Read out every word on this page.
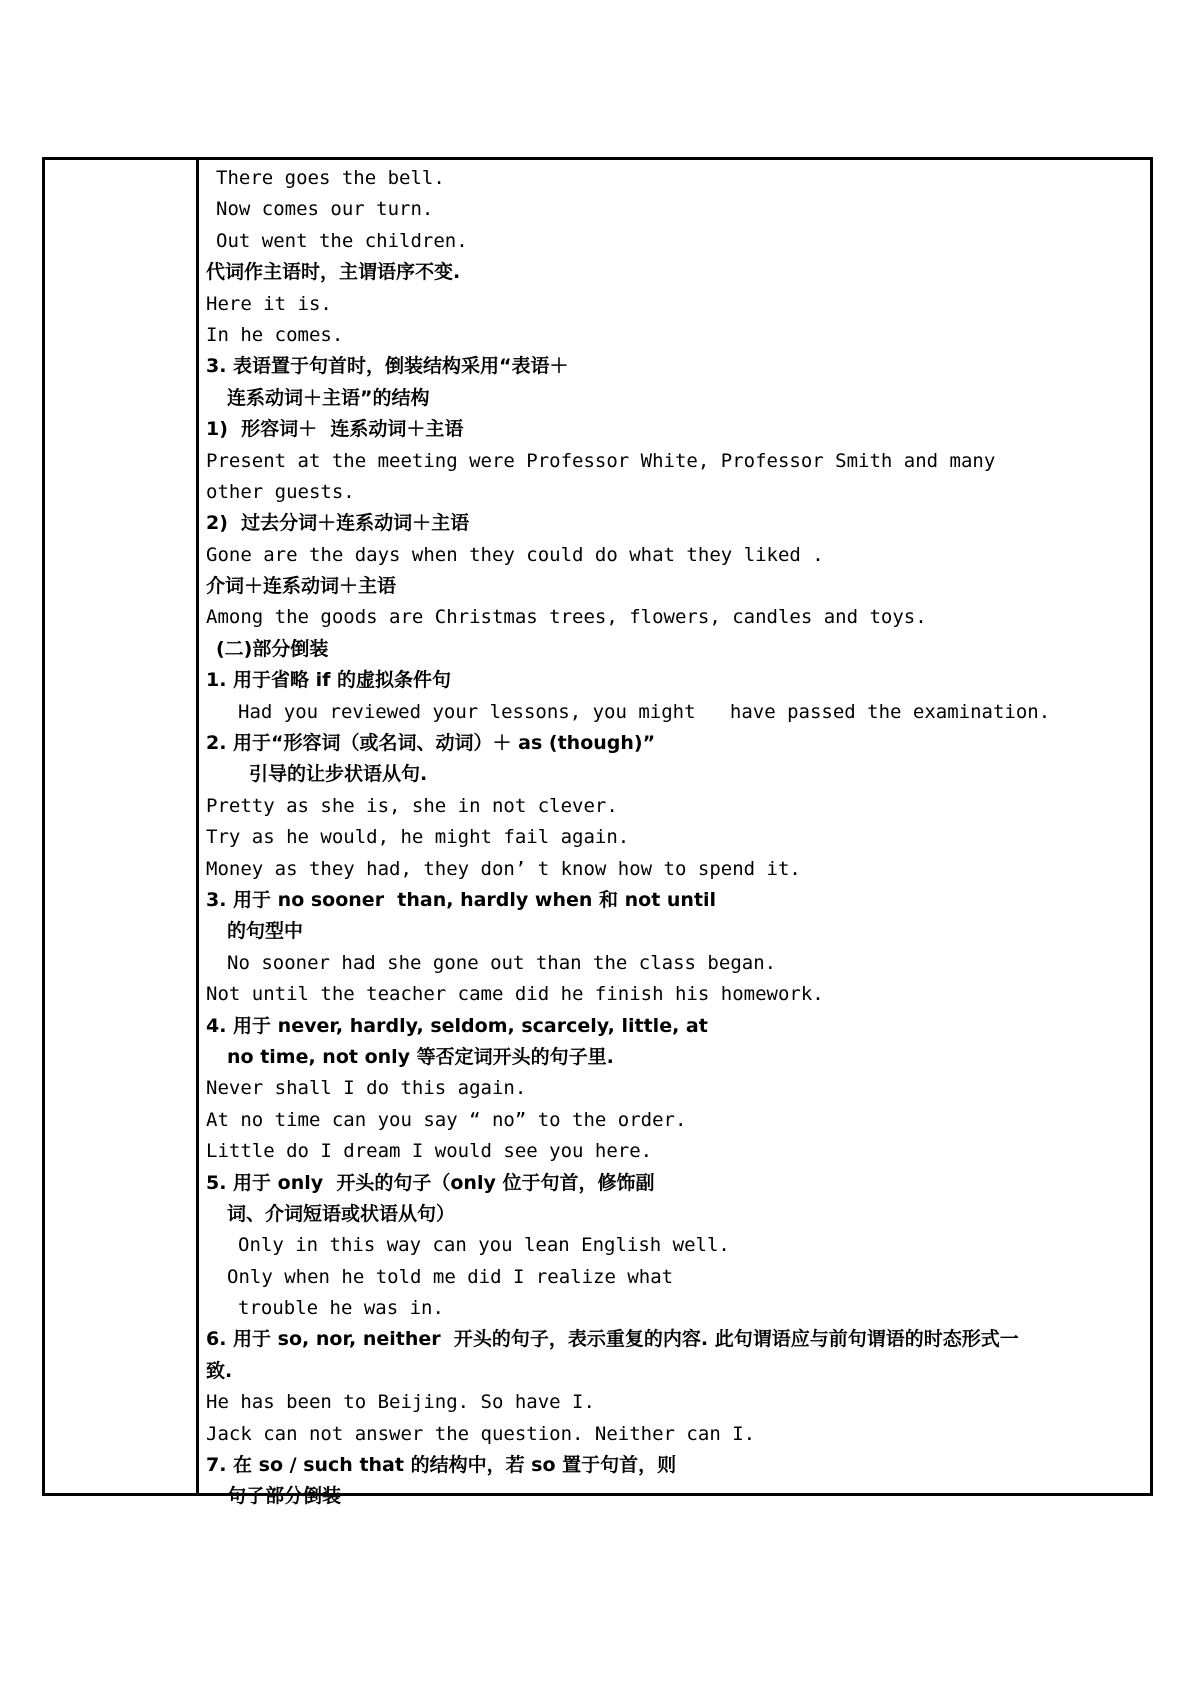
There goes the bell.
Now comes our turn.
Out went the children.
代词作主语时，主谓语序不变.
Here it is.
In he comes.
3. 表语置于句首时，倒装结构采用“表语＋
连系动词＋主语”的结构
1)  形容词＋  连系动词＋主语
Present at the meeting were Professor White, Professor Smith and many
other guests.
2)  过去分词＋连系动词＋主语
Gone are the days when they could do what they liked .
介词＋连系动词＋主语
Among the goods are Christmas trees, flowers, candles and toys.
(二)部分倒装
1. 用于省略 if 的虚拟条件句
Had you reviewed your lessons, you might   have passed the examination.
2. 用于“形容词（或名词、动词）＋ as (though)”
引导的让步状语从句.
Pretty as she is, she in not clever.
Try as he would, he might fail again.
Money as they had, they don’ t know how to spend it.
3. 用于 no sooner  than, hardly when 和 not until
的句型中
No sooner had she gone out than the class began.
Not until the teacher came did he finish his homework.
4. 用于 never, hardly, seldom, scarcely, little, at
no time, not only 等否定词开头的句子里.
Never shall I do this again.
At no time can you say “ no” to the order.
Little do I dream I would see you here.
5. 用于 only  开头的句子（only 位于句首，修饰副
词、介词短语或状语从句）
Only in this way can you lean English well.
Only when he told me did I realize what
trouble he was in.
6. 用于 so, nor, neither  开头的句子，表示重复的内容. 此句谓语应与前句谓语的时态形式一
致.
He has been to Beijing. So have I.
Jack can not answer the question. Neither can I.
7. 在 so / such that 的结构中，若 so 置于句首，则
句子部分倒装
